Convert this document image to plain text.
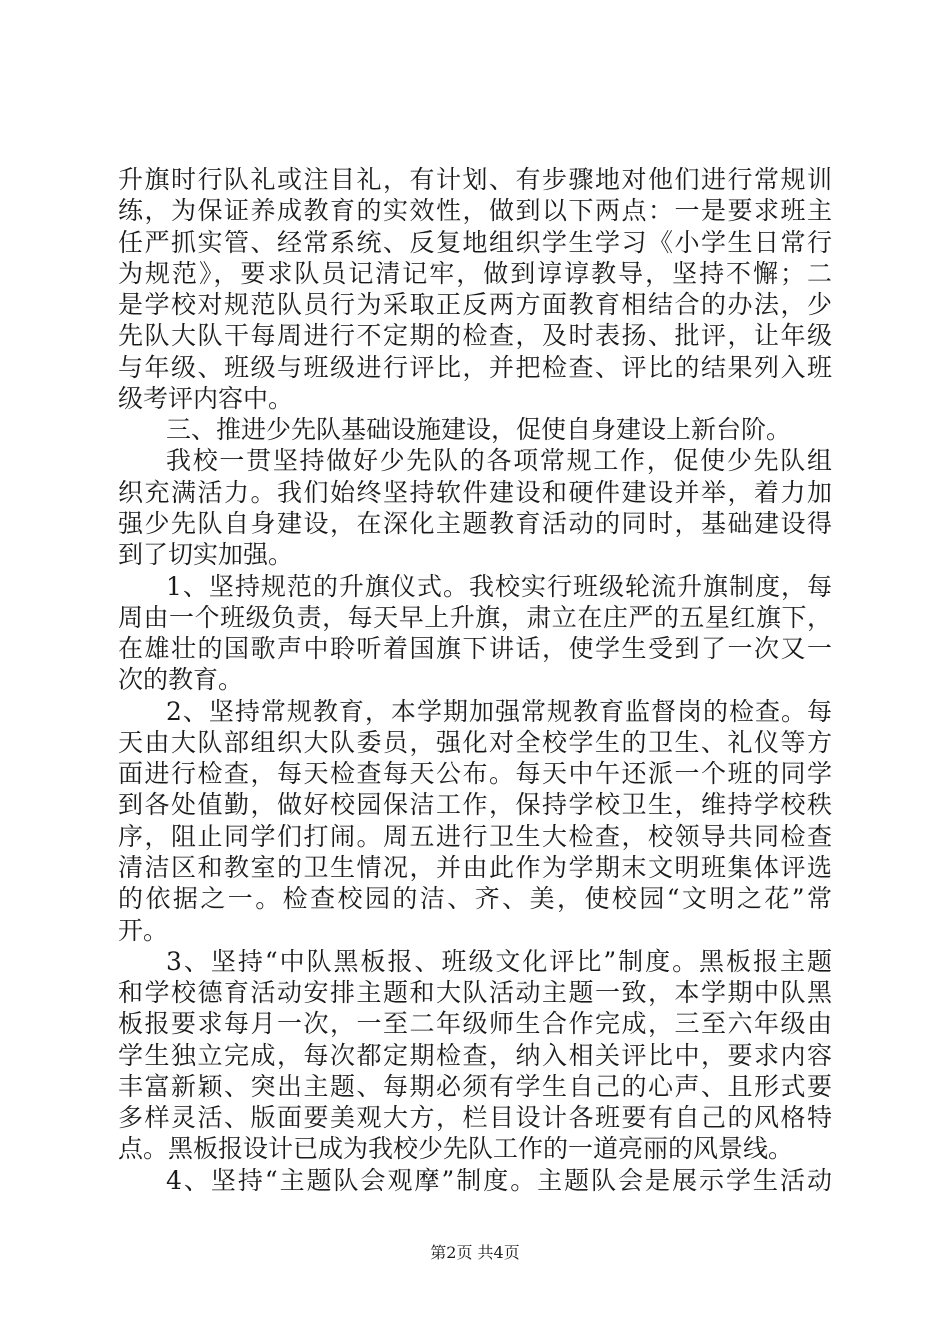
升旗时行队礼或注目礼，有计划、有步骤地对他们进行常规训
练，为保证养成教育的实效性，做到以下两点：一是要求班主
任严抓实管、经常系统、反复地组织学生学习《小学生日常行
为规范》，要求队员记清记牢，做到谆谆教导，坚持不懈；二
是学校对规范队员行为采取正反两方面教育相结合的办法，少
先队大队干每周进行不定期的检查，及时表扬、批评，让年级
与年级、班级与班级进行评比，并把检查、评比的结果列入班
级考评内容中。
三、推进少先队基础设施建设，促使自身建设上新台阶。
我校一贯坚持做好少先队的各项常规工作，促使少先队组
织充满活力。我们始终坚持软件建设和硬件建设并举，着力加
强少先队自身建设，在深化主题教育活动的同时，基础建设得
到了切实加强。
1、坚持规范的升旗仪式。我校实行班级轮流升旗制度，每
周由一个班级负责，每天早上升旗，肃立在庄严的五星红旗下，
在雄壮的国歌声中聆听着国旗下讲话，使学生受到了一次又一
次的教育。
2、坚持常规教育，本学期加强常规教育监督岗的检查。每
天由大队部组织大队委员，强化对全校学生的卫生、礼仪等方
面进行检查，每天检查每天公布。每天中午还派一个班的同学
到各处值勤，做好校园保洁工作，保持学校卫生，维持学校秩
序，阻止同学们打闹。周五进行卫生大检查，校领导共同检查
清洁区和教室的卫生情况，并由此作为学期末文明班集体评选
的依据之一。检查校园的洁、齐、美，使校园“文明之花”常
开。
3、坚持“中队黑板报、班级文化评比”制度。黑板报主题
和学校德育活动安排主题和大队活动主题一致，本学期中队黑
板报要求每月一次，一至二年级师生合作完成，三至六年级由
学生独立完成，每次都定期检查，纳入相关评比中，要求内容
丰富新颖、突出主题、每期必须有学生自己的心声、且形式要
多样灵活、版面要美观大方，栏目设计各班要有自己的风格特
点。黑板报设计已成为我校少先队工作的一道亮丽的风景线。
4、坚持“主题队会观摩”制度。主题队会是展示学生活动
第2页 共4页
